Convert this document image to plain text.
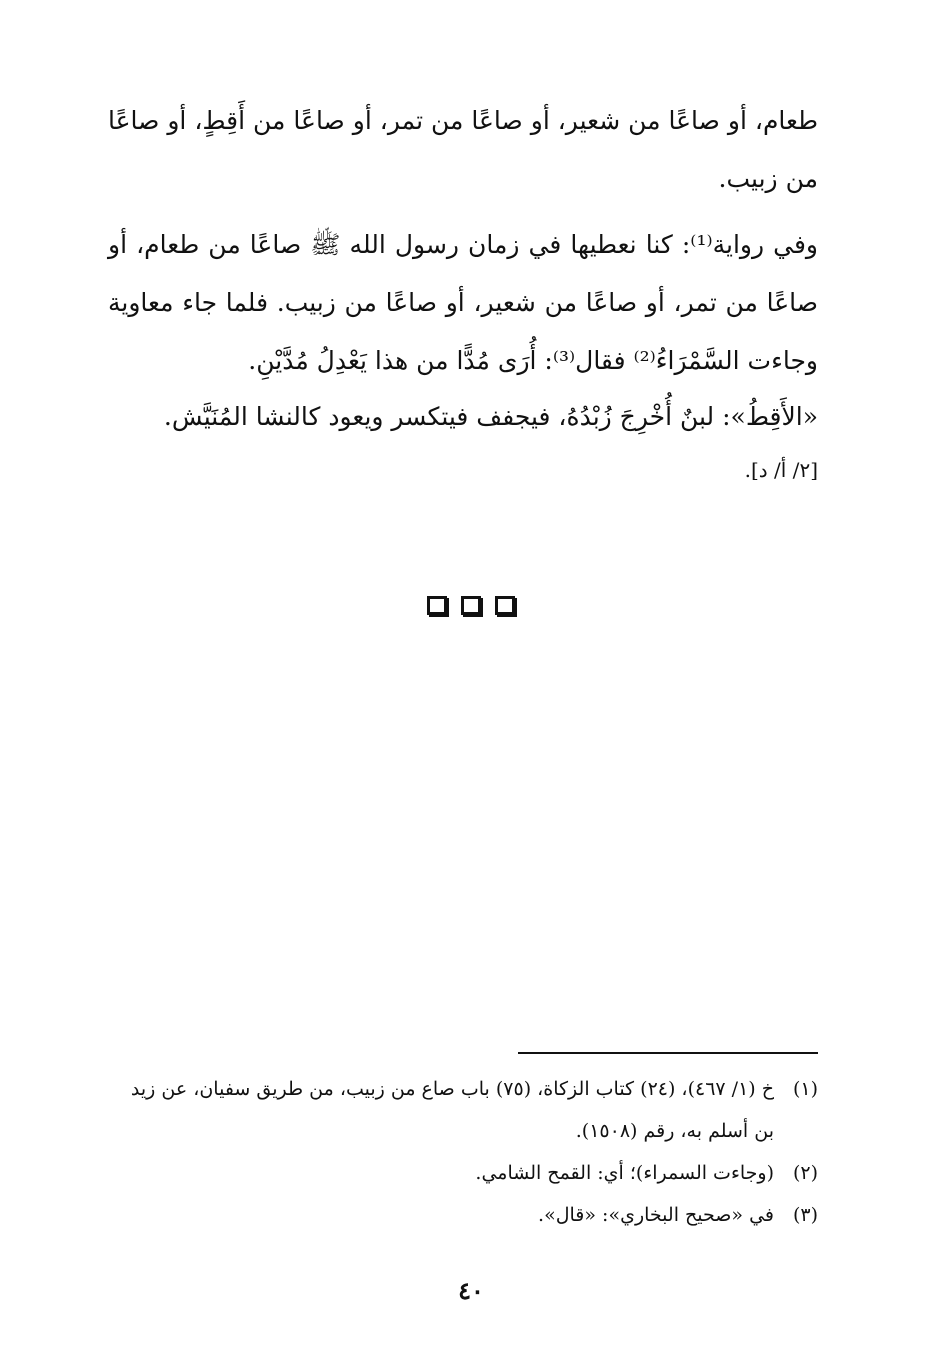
طعام، أو صاعًا من شعير، أو صاعًا من تمر، أو صاعًا من أَقِطٍ، أو صاعًا من زبيب.

وفي رواية⁽¹⁾: كنا نعطيها في زمان رسول الله ﷺ صاعًا من طعام، أو صاعًا من تمر، أو صاعًا من شعير، أو صاعًا من زبيب. فلما جاء معاوية وجاءت السَّمْرَاءُ⁽²⁾ فقال⁽³⁾: أُرَى مُدًّا من هذا يَعْدِلُ مُدَّيْنِ.

«الأَقِطُ»: لبنٌ أُخْرِجَ زُبْدُهُ، فيجفف فيتكسر ويعود كالنشا المُنَيَّش.

[٢/ أ/ د].

(١)
خ (١/ ٤٦٧)، (٢٤) كتاب الزكاة، (٧٥) باب صاع من زبيب، من طريق سفيان، عن زيد بن أسلم به، رقم (١٥٠٨).
(٢)
(وجاءت السمراء)؛ أي: القمح الشامي.
(٣)
في «صحيح البخاري»: «قال».
٤٠
